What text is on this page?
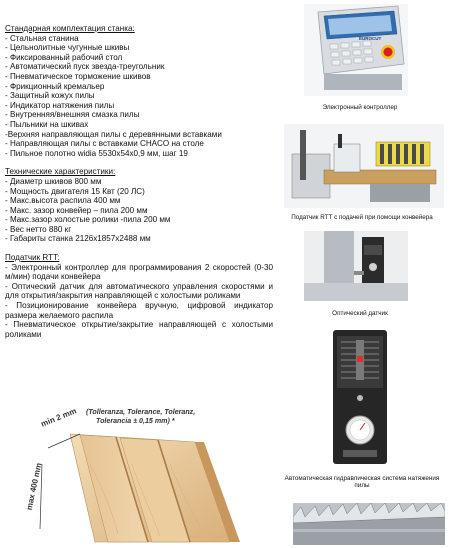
Стандарная комплектация станка:
- Стальная станина
- Цельнолитные чугунные шкивы
- Фиксированный рабочий стол
- Автоматический пуск звезда-треугольник
- Пневматическое торможение шкивов
- Фрикционный кремальер
- Защитный кожух пилы
- Индикатор натяжения пилы
- Внутренняя/внешняя смазка пилы
- Пыльники на шкивах
-Верхняя направляющая пилы с деревянными вставками
- Направляющая пилы с вставками CHACO на столе
- Пильное полотно widia 5530x54x0,9 мм, шаг 19
Технические характеристики:
- Диаметр шкивов 800 мм
- Мощность двигателя 15 Квт (20 ЛС)
- Макс.высота распила 400 мм
- Макс. зазор конвейер – пила 200 мм
- Макс.зазор холостые ролики -пила 200 мм
- Вес нетто 880 кг
- Габариты станка 2126x1857x2488 мм
Податчик RTT:
- Электронный контроллер для программирования 2 скоростей (0-30 м/мин) подачи конвейера
- Оптический датчик для автоматического управления скоростями и для открытия/закрытия направляющей с холостыми роликами
- Позиционирование конвейера вручную, цифровой индикатор размера желаемого распила
- Пневматическое открытие/закрытие направляющей с холостыми роликами
min 2 mm
max 400 mm
(Tolleranza, Tolerance, Toleranz,
Tolerancia ± 0,15 mm) *
EUROCUT
Электронный контроллер
Податчик RTT с подачей при помощи конвейера
Оптический датчик
Автоматическая гидравлическая система натяжения пилы
